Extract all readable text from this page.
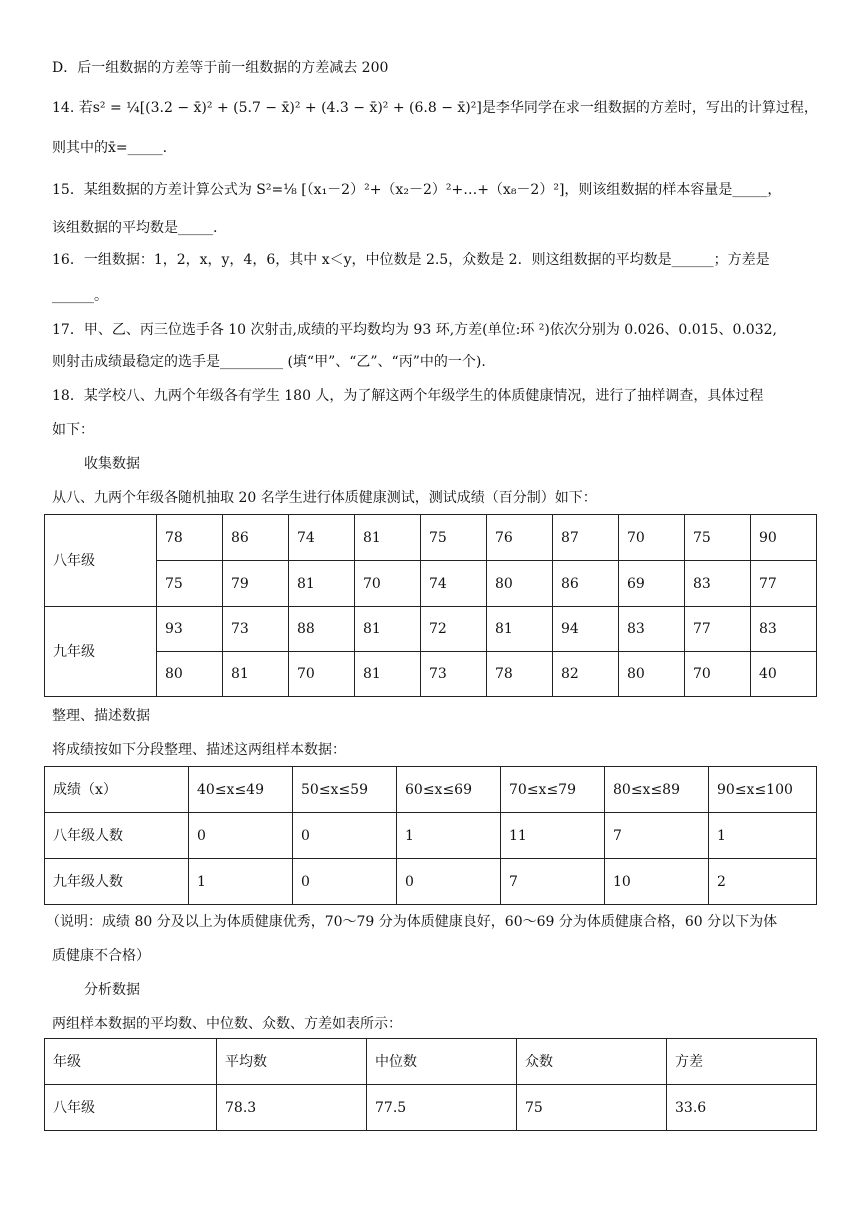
D．后一组数据的方差等于前一组数据的方差减去 200
14. 若s² = ¼[(3.2 − x̄)² + (5.7 − x̄)² + (4.3 − x̄)² + (6.8 − x̄)²]是李华同学在求一组数据的方差时，写出的计算过程，
则其中的x̄=_____.
15．某组数据的方差计算公式为 S²=⅛ [（x₁－2）²+（x₂－2）²+…+（x₈－2）²]，则该组数据的样本容量是_____，
该组数据的平均数是_____.
16．一组数据：1，2，x，y，4，6，其中 x＜y，中位数是 2.5，众数是 2．则这组数据的平均数是______；方差是
______。
17．甲、乙、丙三位选手各 10 次射击,成绩的平均数均为 93 环,方差(单位:环 ²)依次分别为 0.026、0.015、0.032,
则射击成绩最稳定的选手是_________ (填“甲”、“乙”、“丙”中的一个).
18．某学校八、九两个年级各有学生 180 人，为了解这两个年级学生的体质健康情况，进行了抽样调查，具体过程
如下：
收集数据
从八、九两个年级各随机抽取 20 名学生进行体质健康测试，测试成绩（百分制）如下：
八年级	78	86	74	81	75	76	87	70	75	90
	75	79	81	70	74	80	86	69	83	77
九年级	93	73	88	81	72	81	94	83	77	83
	80	81	70	81	73	78	82	80	70	40
整理、描述数据
将成绩按如下分段整理、描述这两组样本数据：
成绩（x）	40≤x≤49	50≤x≤59	60≤x≤69	70≤x≤79	80≤x≤89	90≤x≤100
八年级人数	0	0	1	11	7	1
九年级人数	1	0	0	7	10	2
（说明：成绩 80 分及以上为体质健康优秀，70～79 分为体质健康良好，60～69 分为体质健康合格，60 分以下为体
质健康不合格）
分析数据
两组样本数据的平均数、中位数、众数、方差如表所示：
年级	平均数	中位数	众数	方差
八年级	78.3	77.5	75	33.6
